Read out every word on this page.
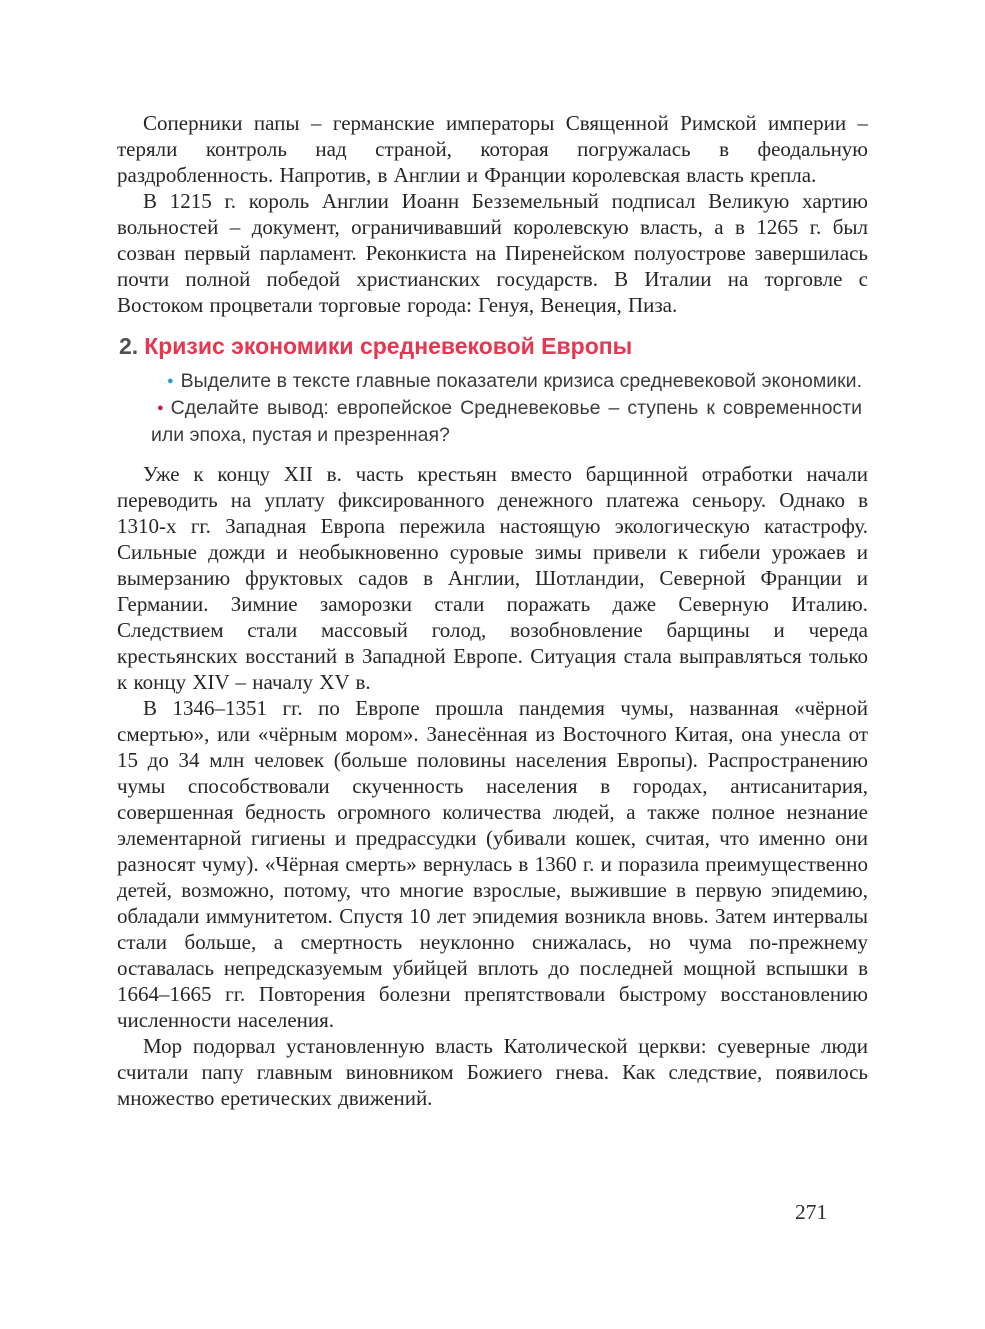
Соперники папы – германские императоры Священной Римской империи – теряли контроль над страной, которая погружалась в феодальную раздробленность. Напротив, в Англии и Франции королевская власть крепла.

В 1215 г. король Англии Иоанн Безземельный подписал Великую хартию вольностей – документ, ограничивавший королевскую власть, а в 1265 г. был созван первый парламент. Реконкиста на Пиренейском полуострове завершилась почти полной победой христианских государств. В Италии на торговле с Востоком процветали торговые города: Генуя, Венеция, Пиза.

2. Кризис экономики средневековой Европы

● Выделите в тексте главные показатели кризиса средневековой экономики. ● Сделайте вывод: европейское Средневековье – ступень к современности или эпоха, пустая и презренная?

Уже к концу XII в. часть крестьян вместо барщинной отработки начали переводить на уплату фиксированного денежного платежа сеньору. Однако в 1310-х гг. Западная Европа пережила настоящую экологическую катастрофу. Сильные дожди и необыкновенно суровые зимы привели к гибели урожаев и вымерзанию фруктовых садов в Англии, Шотландии, Северной Франции и Германии. Зимние заморозки стали поражать даже Северную Италию. Следствием стали массовый голод, возобновление барщины и череда крестьянских восстаний в Западной Европе. Ситуация стала выправляться только к концу XIV – началу XV в.

В 1346–1351 гг. по Европе прошла пандемия чумы, названная «чёрной смертью», или «чёрным мором». Занесённая из Восточного Китая, она унесла от 15 до 34 млн человек (больше половины населения Европы). Распространению чумы способствовали скученность населения в городах, антисанитария, совершенная бедность огромного количества людей, а также полное незнание элементарной гигиены и предрассудки (убивали кошек, считая, что именно они разносят чуму). «Чёрная смерть» вернулась в 1360 г. и поразила преимущественно детей, возможно, потому, что многие взрослые, выжившие в первую эпидемию, обладали иммунитетом. Спустя 10 лет эпидемия возникла вновь. Затем интервалы стали больше, а смертность неуклонно снижалась, но чума по-прежнему оставалась непредсказуемым убийцей вплоть до последней мощной вспышки в 1664–1665 гг. Повторения болезни препятствовали быстрому восстановлению численности населения.

Мор подорвал установленную власть Католической церкви: суеверные люди считали папу главным виновником Божиего гнева. Как следствие, появилось множество еретических движений.

271
